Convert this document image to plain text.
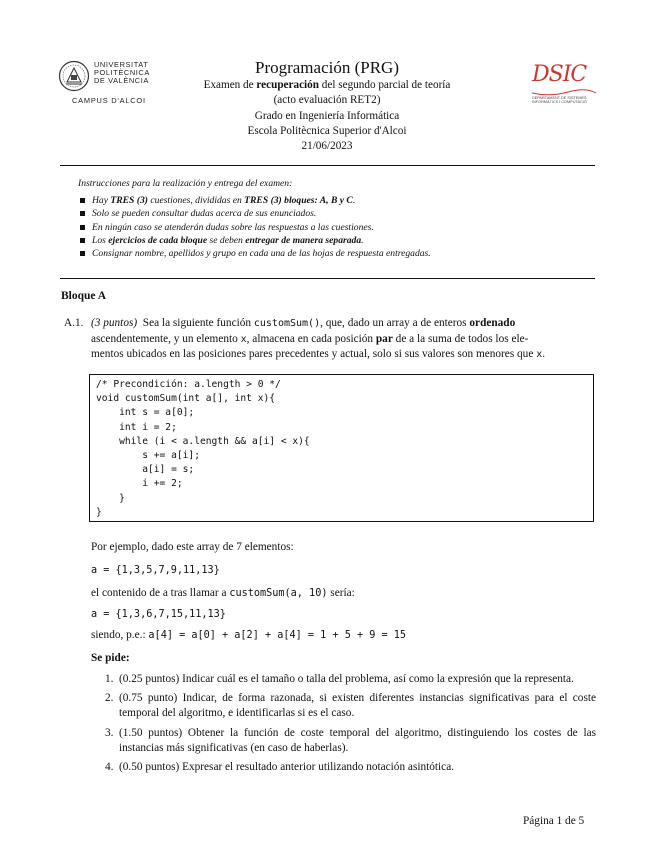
UNIVERSITAT
POLITÈCNICA
DE VALÈNCIA
CAMPUS D'ALCOI
Programación (PRG)
Examen de recuperación del segundo parcial de teoría
(acto evaluación RET2)
Grado en Ingeniería Informática
Escola Politècnica Superior d'Alcoi
21/06/2023
DSIC
DEPARTAMENT DE SISTEMES INFORMÀTICS I COMPUTACIÓ
Instrucciones para la realización y entrega del examen:
Hay TRES (3) cuestiones, divididas en TRES (3) bloques: A, B y C.
Solo se pueden consultar dudas acerca de sus enunciados.
En ningún caso se atenderán dudas sobre las respuestas a las cuestiones.
Los ejercicios de cada bloque se deben entregar de manera separada.
Consignar nombre, apellidos y grupo en cada una de las hojas de respuesta entregadas.
Bloque A
A.1. (3 puntos) Sea la siguiente función customSum(), que, dado un array a de enteros ordenado
ascendentemente, y un elemento x, almacena en cada posición par de a la suma de todos los ele-
mentos ubicados en las posiciones pares precedentes y actual, solo si sus valores son menores que x.
/* Precondición: a.length > 0 */
void customSum(int a[], int x){
int s = a[0];
int i = 2;
while (i < a.length && a[i] < x){
s += a[i];
a[i] = s;
i += 2;
}
}
Por ejemplo, dado este array de 7 elementos:
a = {1,3,5,7,9,11,13}
el contenido de a tras llamar a customSum(a, 10) sería:
a = {1,3,6,7,15,11,13}
siendo, p.e.: a[4] = a[0] + a[2] + a[4] = 1 + 5 + 9 = 15
Se pide:
1. (0.25 puntos) Indicar cuál es el tamaño o talla del problema, así como la expresión que la representa.
2. (0.75 punto) Indicar, de forma razonada, si existen diferentes instancias significativas para el coste temporal del algoritmo, e identificarlas si es el caso.
3. (1.50 puntos) Obtener la función de coste temporal del algoritmo, distinguiendo los costes de las instancias más significativas (en caso de haberlas).
4. (0.50 puntos) Expresar el resultado anterior utilizando notación asintótica.
Página 1 de 5
